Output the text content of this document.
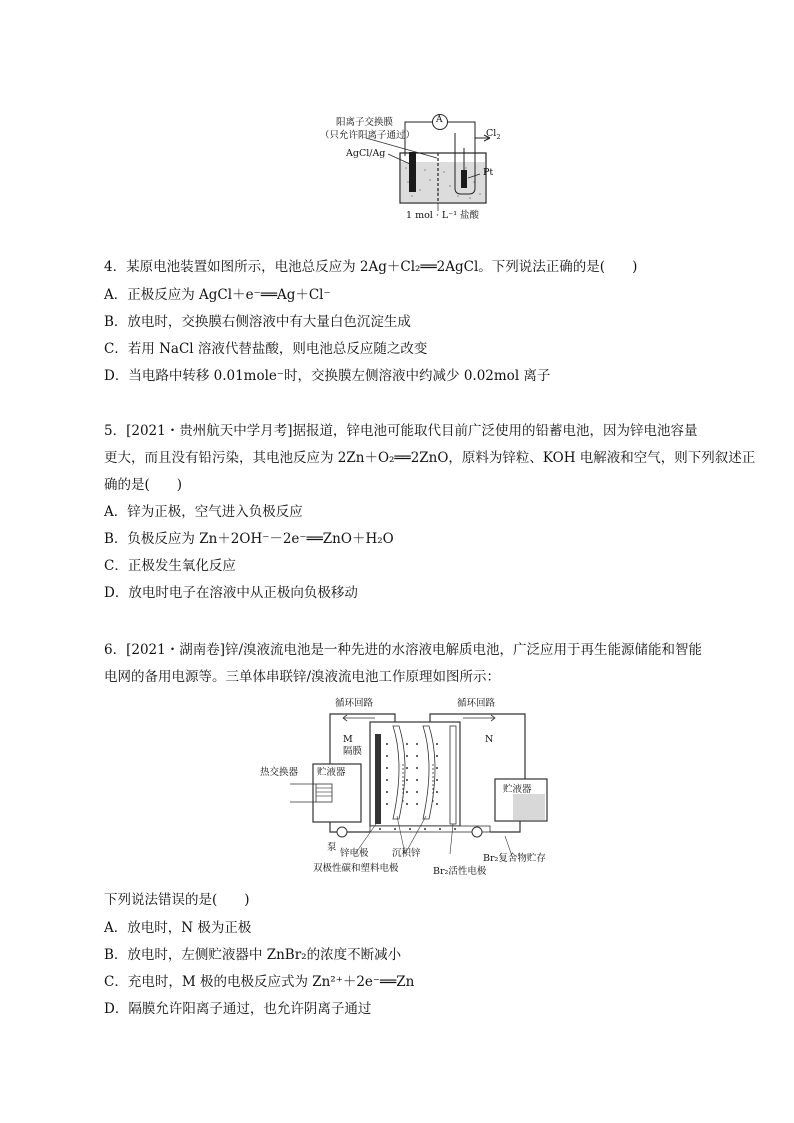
阳离子交换膜
（只允许阳离子通过）
AgCl/Ag
A
$Cl_2$
Pt
1 mol · L⁻¹ 盐酸
4．某原电池装置如图所示，电池总反应为 2Ag＋Cl₂══2AgCl。下列说法正确的是(　　)
A．正极反应为 AgCl＋e⁻══Ag＋Cl⁻
B．放电时，交换膜右侧溶液中有大量白色沉淀生成
C．若用 NaCl 溶液代替盐酸，则电池总反应随之改变
D．当电路中转移 0.01mole⁻时，交换膜左侧溶液中约减少 0.02mol 离子
5．[2021・贵州航天中学月考]据报道，锌电池可能取代目前广泛使用的铅蓄电池，因为锌电池容量
更大，而且没有铅污染，其电池反应为 2Zn＋O₂══2ZnO，原料为锌粒、KOH 电解液和空气，则下列叙述正
确的是(　　)
A．锌为正极，空气进入负极反应
B．负极反应为 Zn＋2OH⁻－2e⁻══ZnO＋H₂O
C．正极发生氧化反应
D．放电时电子在溶液中从正极向负极移动
6．[2021・湖南卷]锌/溴液流电池是一种先进的水溶液电解质电池，广泛应用于再生能源储能和智能
电网的备用电源等。三单体串联锌/溴液流电池工作原理如图所示：
循环回路	循环回路
M	N
隔膜
热交换器 贮液器
贮液器
泵
锌电极 沉积锌
双极性碳和塑料电极	Br₂活性电极
Br₂复合物贮存
下列说法错误的是(　　)
A．放电时，N 极为正极
B．放电时，左侧贮液器中 ZnBr₂的浓度不断减小
C．充电时，M 极的电极反应式为 Zn²⁺＋2e⁻══Zn
D．隔膜允许阳离子通过，也允许阴离子通过
